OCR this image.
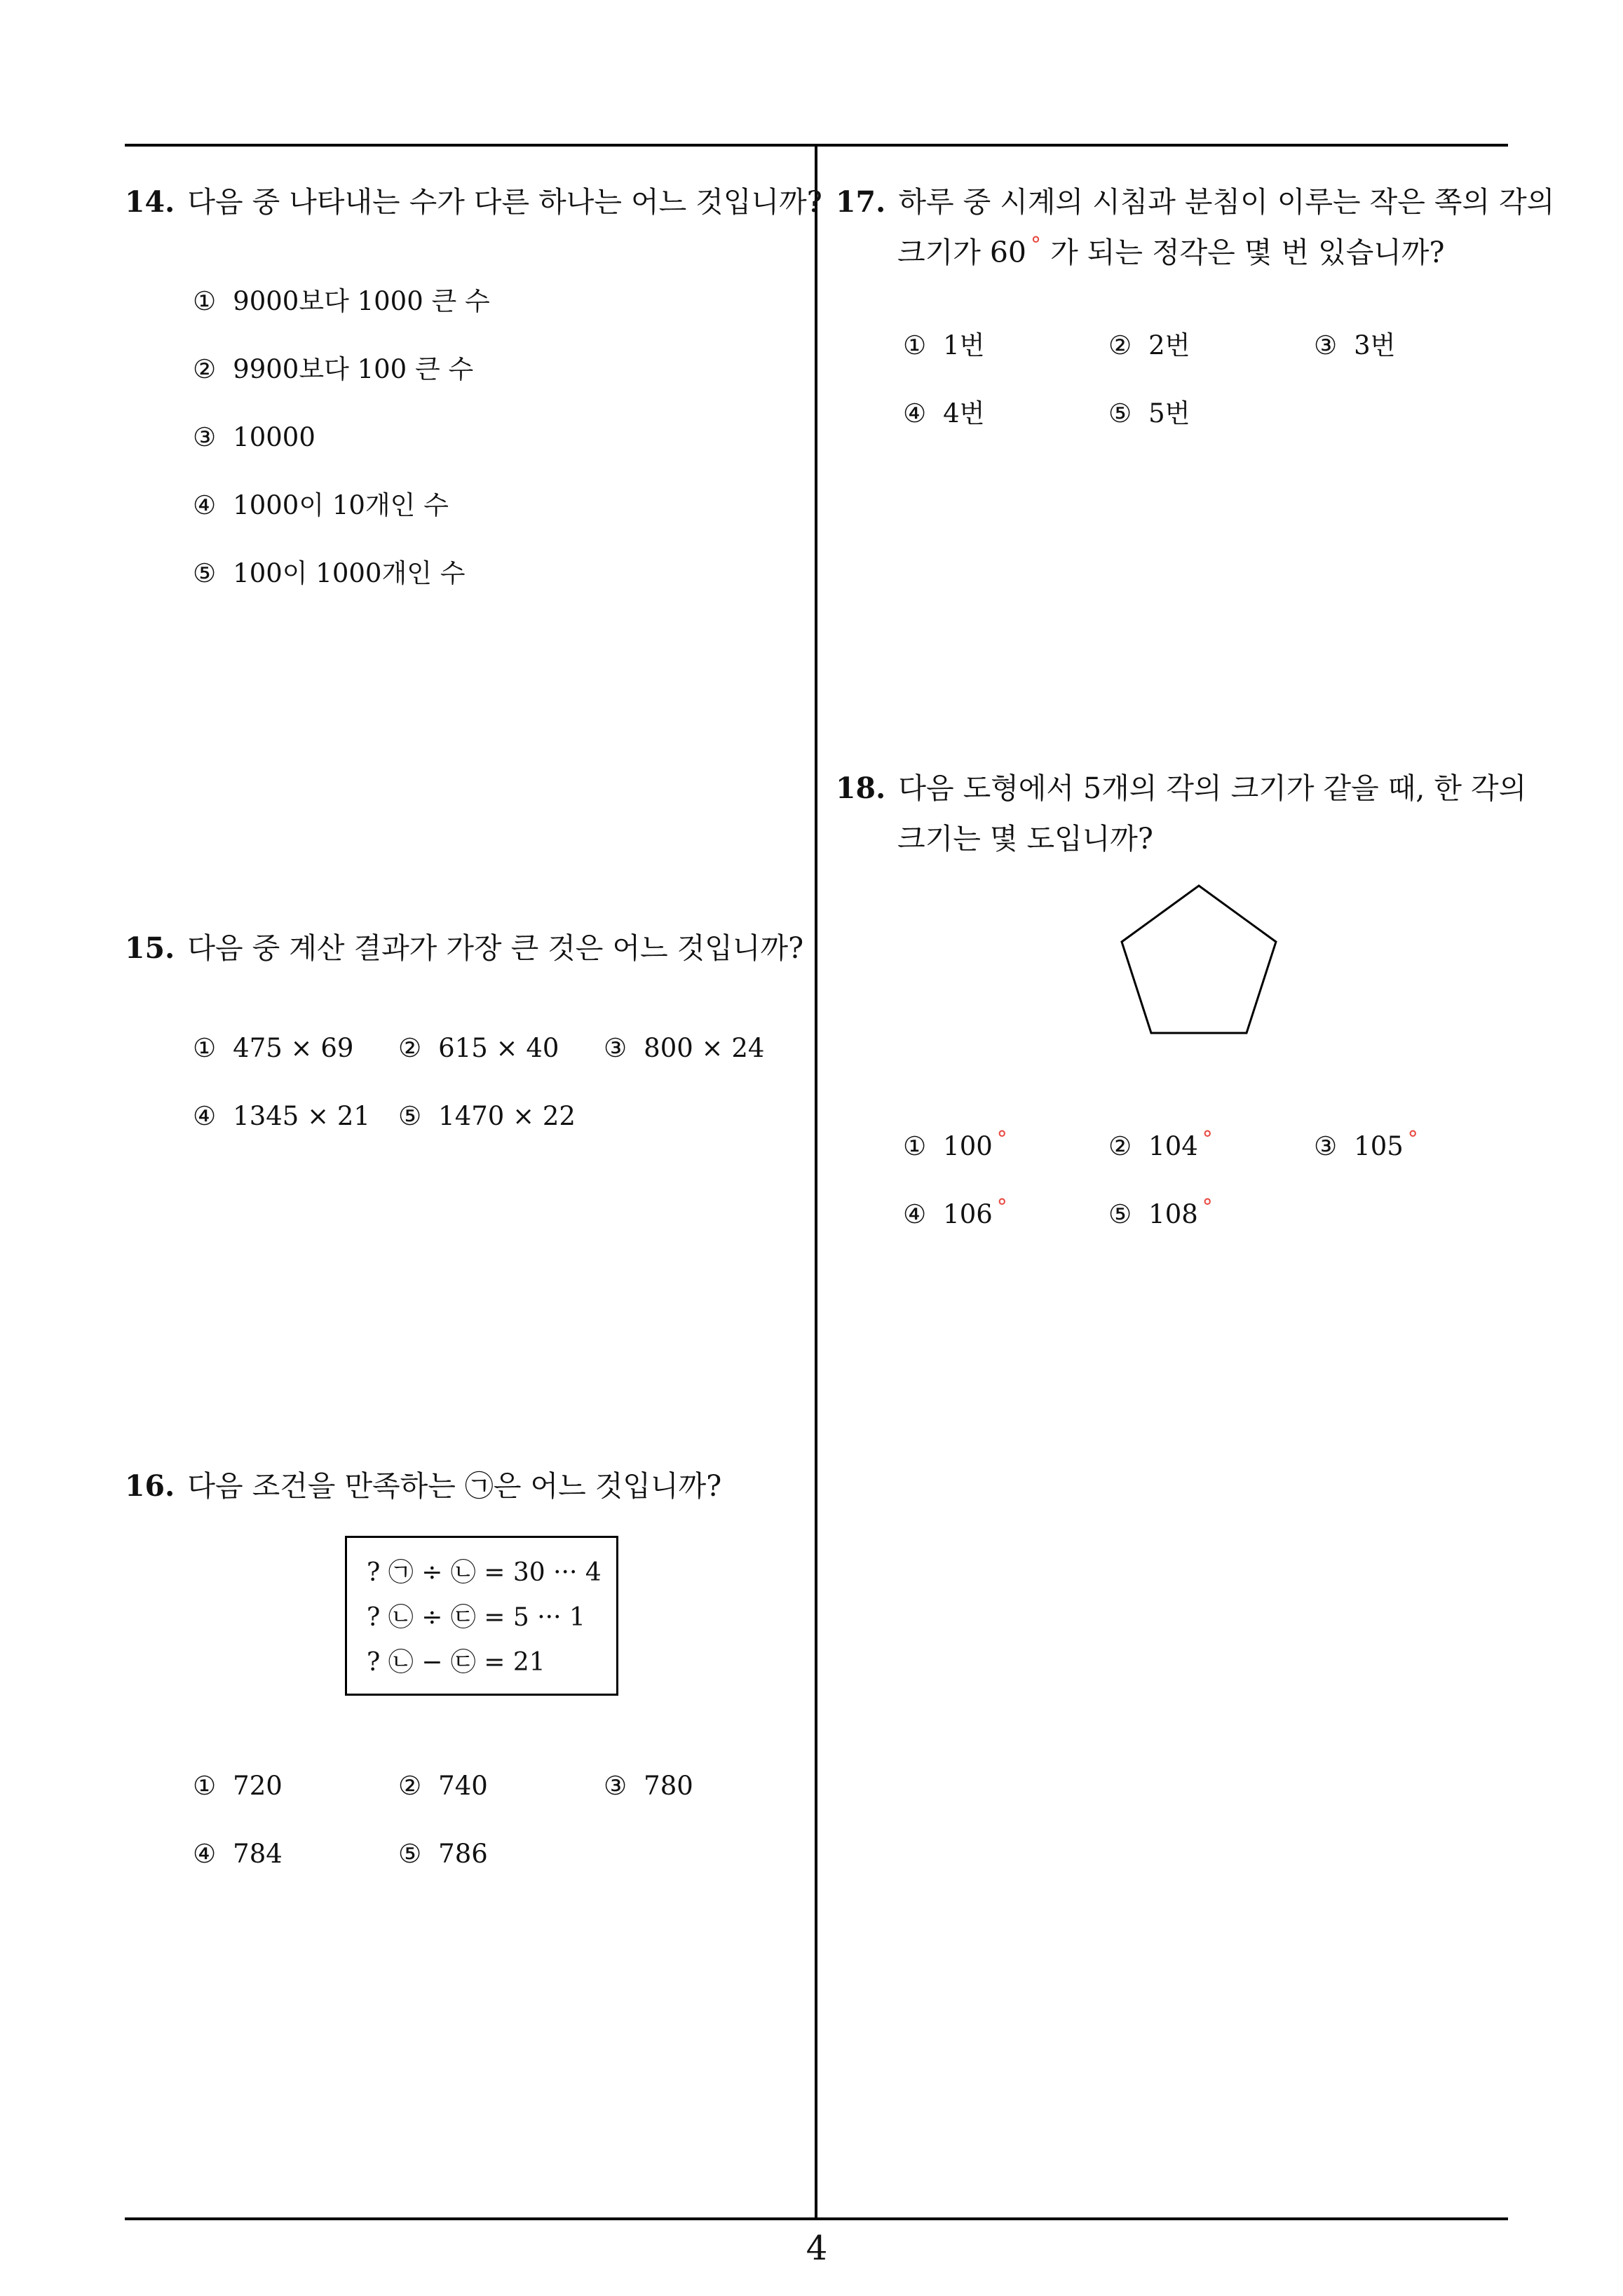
14. 다음 중 나타내는 수가 다른 하나는 어느 것입니까?
① 9000보다 1000 큰 수
② 9900보다 100 큰 수
③ 10000
④ 1000이 10개인 수
⑤ 100이 1000개인 수
15. 다음 중 계산 결과가 가장 큰 것은 어느 것입니까?
① 475 × 69 ② 615 × 40 ③ 800 × 24
④ 1345 × 21 ⑤ 1470 × 22
16. 다음 조건을 만족하는 ㉠은 어느 것입니까?
? ㉠ ÷ ㉡ = 30 ··· 4
? ㉡ ÷ ㉢ = 5 ··· 1
? ㉡ − ㉢ = 21
① 720	② 740	③ 780
④ 784	⑤ 786
17. 하루 중 시계의 시침과 분침이 이루는 작은 쪽의 각의
크기가 60 ° 가 되는 정각은 몇 번 있습니까?
① 1번	② 2번	③ 3번
④ 4번	⑤ 5번
18. 다음 도형에서 5개의 각의 크기가 같을 때, 한 각의
크기는 몇 도입니까?
① 100 °	② 104 °	③ 105 °
④ 106 °	⑤ 108 °
4
